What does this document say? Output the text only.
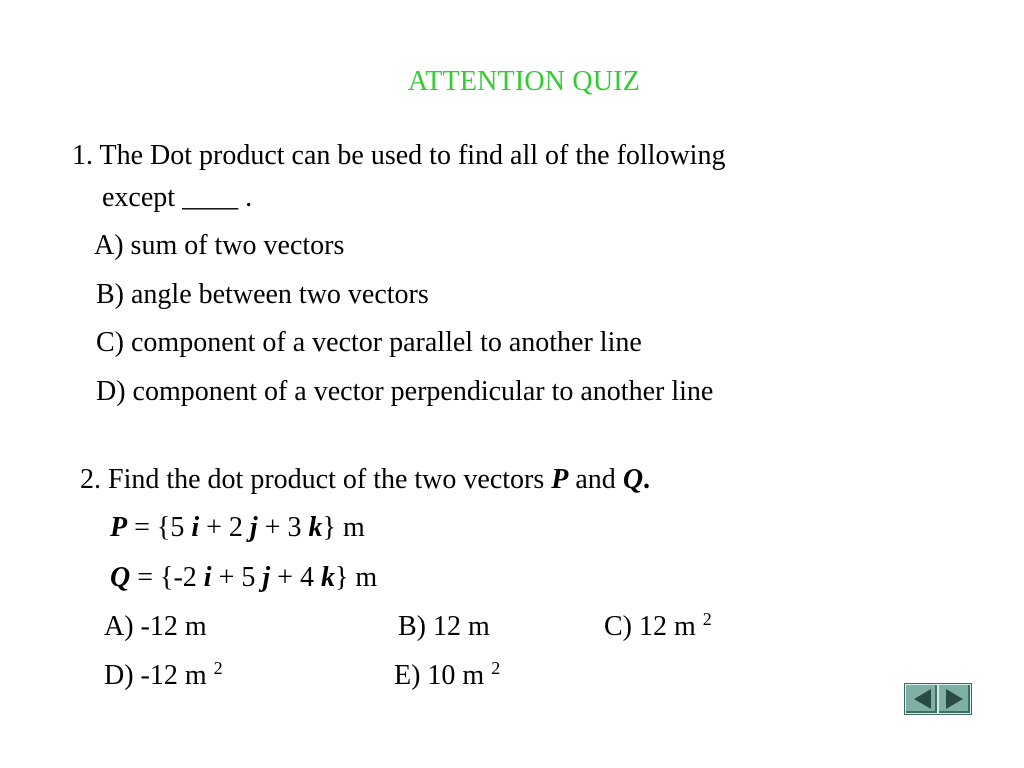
ATTENTION QUIZ
1. The Dot product can be used to find all of the following
except ____ .
A) sum of two vectors
B) angle between two vectors
C) component of a vector parallel to another line
D) component of a vector perpendicular to another line
2. Find the dot product of the two vectors P and Q.
P = {5 i + 2 j + 3 k} m
Q = {-2 i + 5 j + 4 k} m
A) -12 m	B) 12 m	C) 12 m $^2$
D) -12 m $^2$	E) 10 m $^2$
